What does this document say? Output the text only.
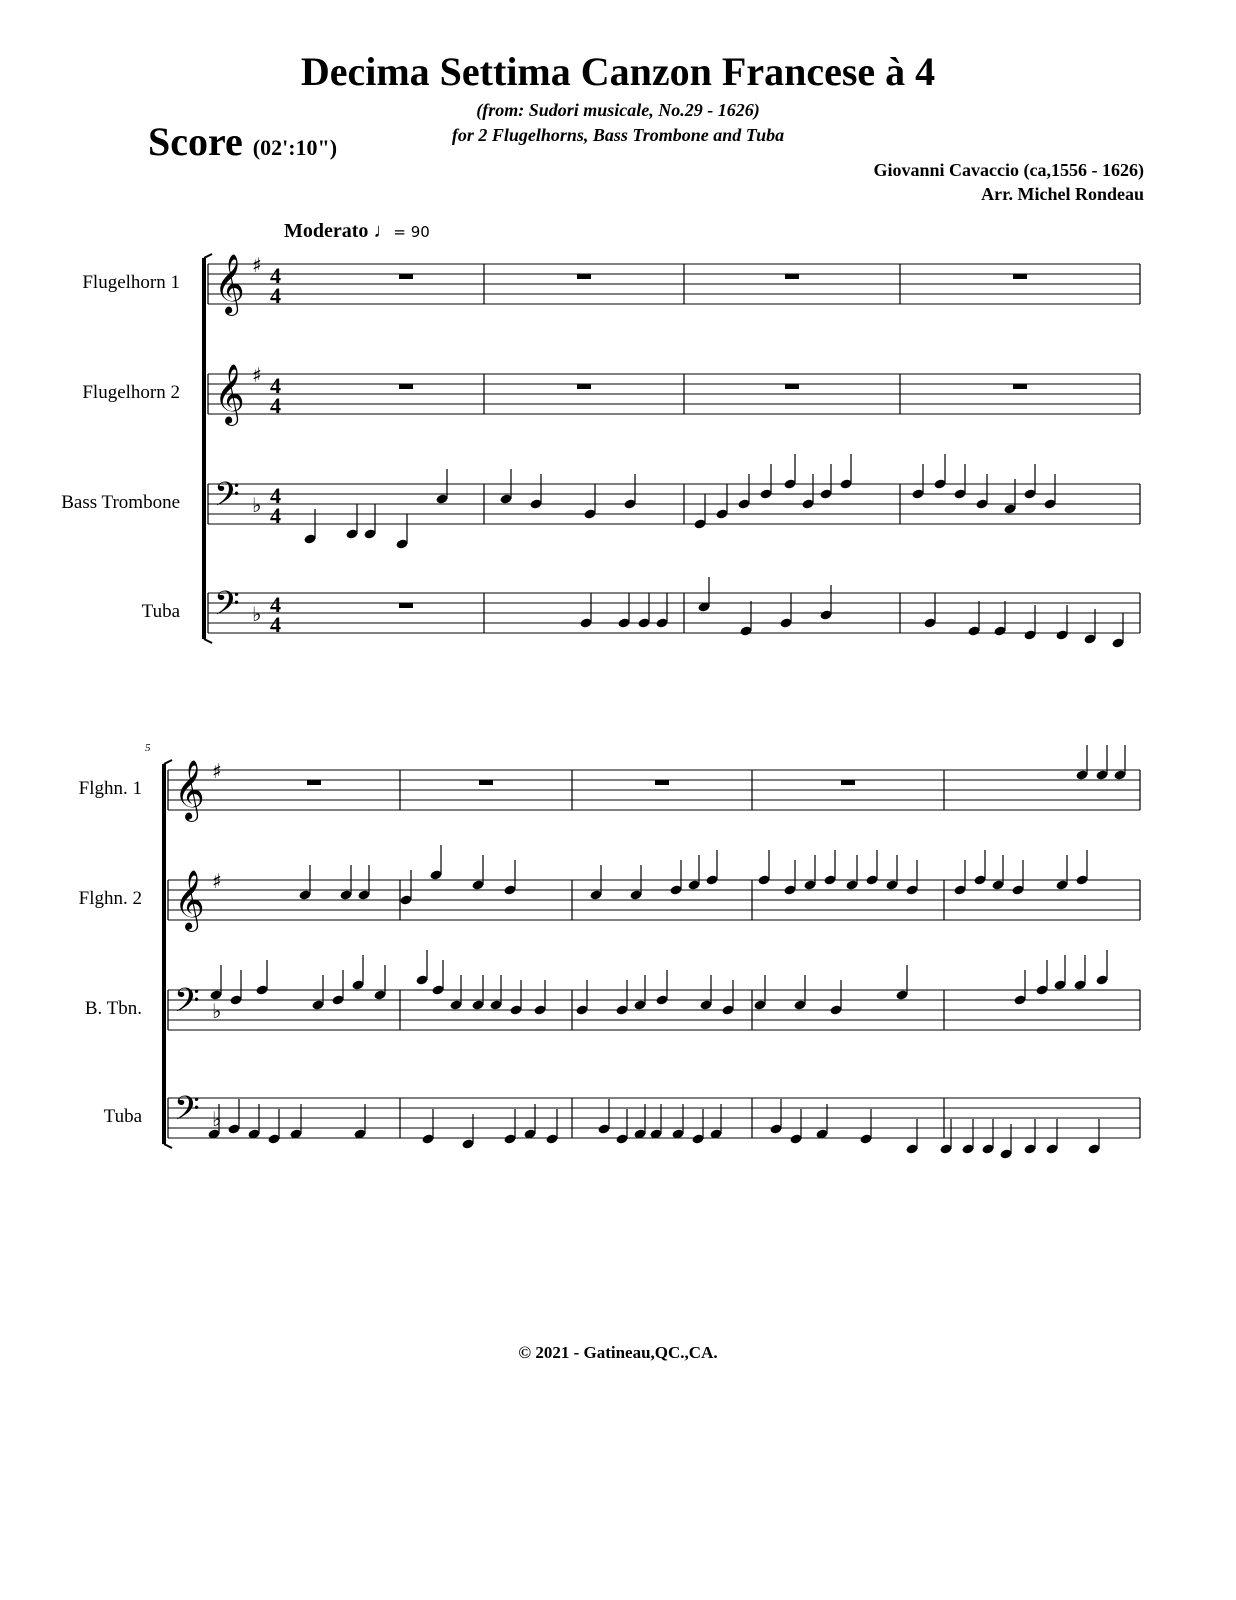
Decima Settima Canzon Francese à 4
(from: Sudori musicale, No.29 - 1626)
for 2 Flugelhorns, Bass Trombone and Tuba
Score (02':10")
Giovanni Cavaccio (ca,1556 - 1626)
Arr. Michel Rondeau
Moderato ♩= 90
Flugelhorn 1
Flugelhorn 2
Bass Trombone
Tuba
Flghn. 1
Flghn. 2
B. Tbn.
Tuba
𝄞 ♯ 4
4
𝄞 ♯ 4
4
𝄢 ♭ 4
4
𝄢 ♭ 4
4
𝄞 ♯
𝄞 ♯
𝄢 ♭
𝄢 ♭
5
© 2021 - Gatineau,QC.,CA.
